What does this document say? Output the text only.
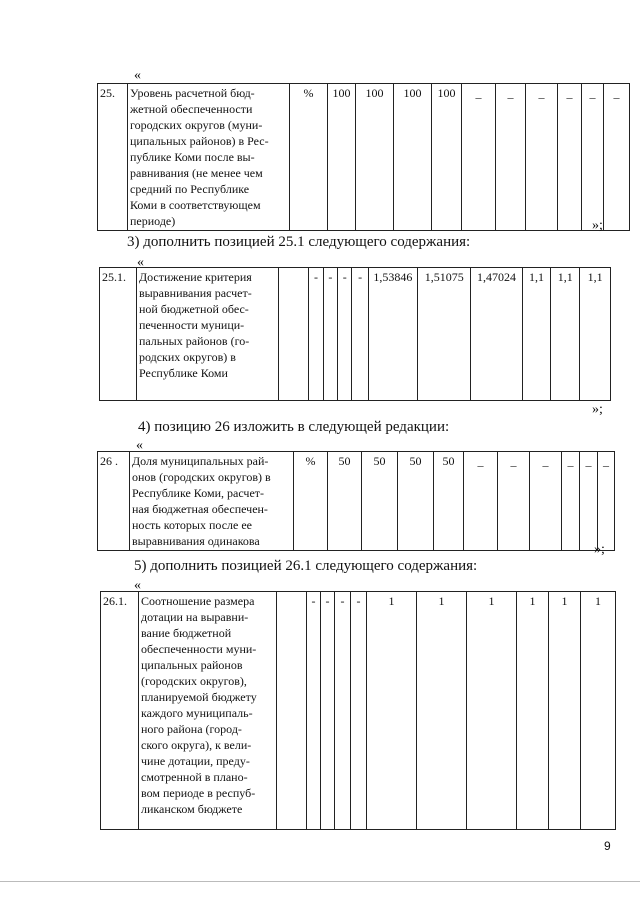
«
25.	Уровень расчетной бюд-
жетной обеспеченности
городских округов (муни-
ципальных районов) в Рес-
публике Коми после вы-
равнивания (не менее чем
средний по Республике
Коми в соответствующем
периоде)
	%	100	100	100	100	_	_	_	_	_	_
»;
3) дополнить позицией 25.1 следующего содержания:
«
25.1.	Достижение критерия
выравнивания расчет-
ной бюджетной обес-
печенности муници-
пальных районов (го-
родских округов) в
Республике Коми
		-	-	-	-	1,53846	1,51075	1,47024	1,1	1,1	1,1
»;
4) позицию 26 изложить в следующей редакции:
«
26 .	Доля муниципальных рай-
онов (городских округов) в
Республике Коми, расчет-
ная бюджетная обеспечен-
ность которых после ее
выравнивания одинакова
	%	50	50	50	50	_	_	_	_	_	_
»;
5) дополнить позицией 26.1 следующего содержания:
«
26.1.	Соотношение размера
дотации на выравни-
вание бюджетной
обеспеченности муни-
ципальных районов
(городских округов),
планируемой бюджету
каждого муниципаль-
ного района (город-
ского округа), к вели-
чине дотации, преду-
смотренной в плано-
вом периоде в респуб-
ликанском бюджете
		-	-	-	-	1	1	1	1	1	1
9
